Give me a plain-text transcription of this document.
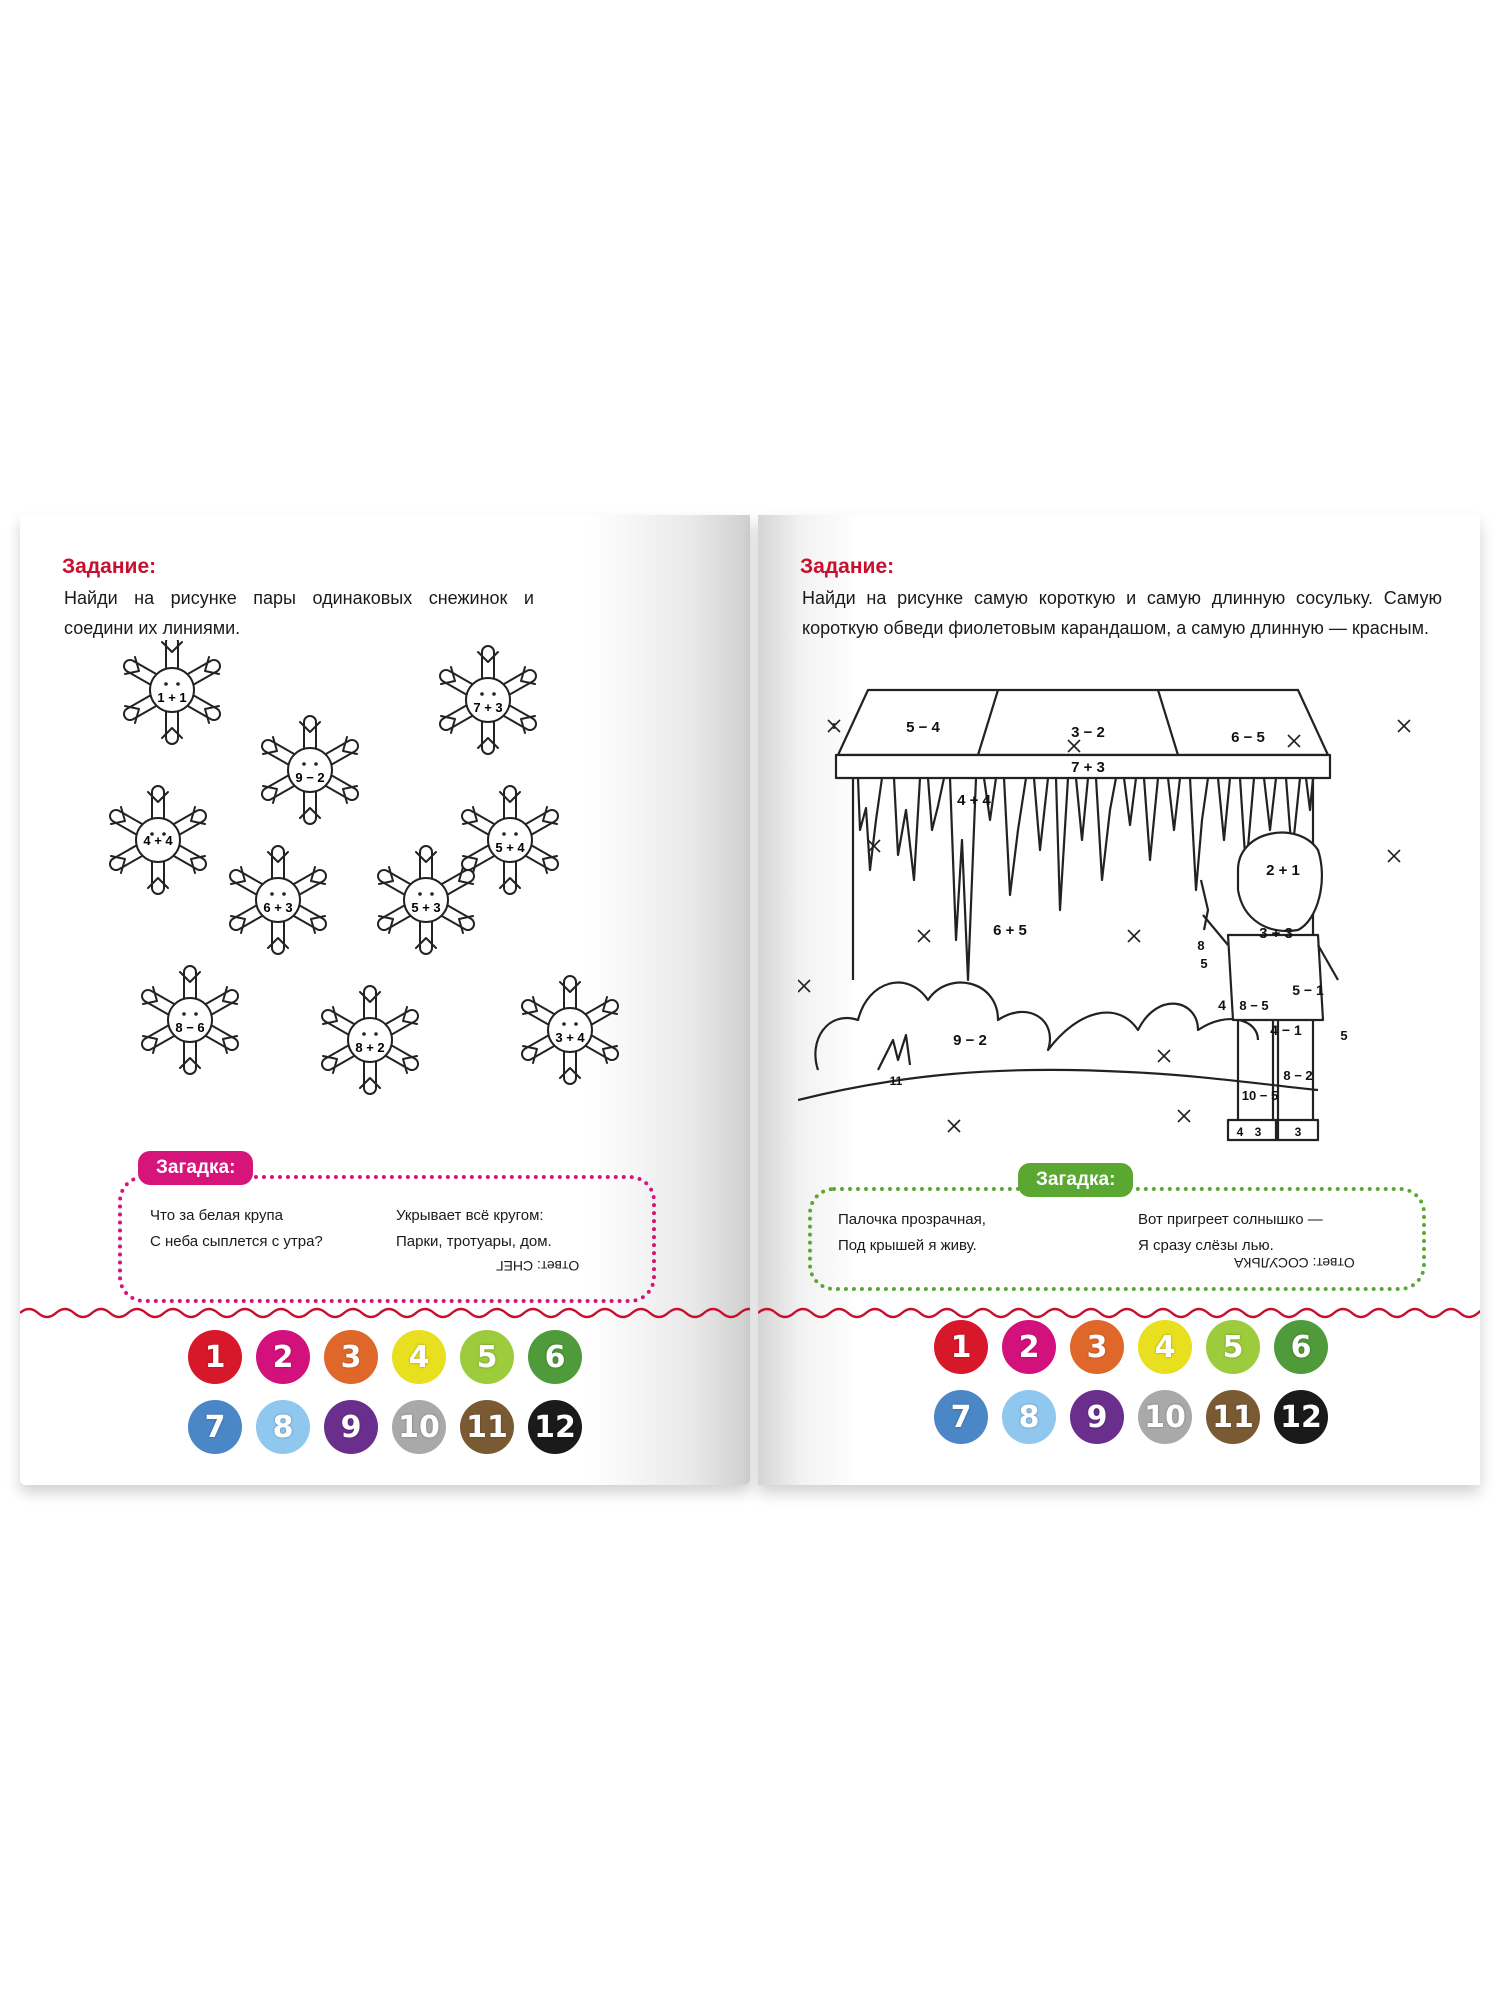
Задание:
Найди на рисунке пары одинаковых снежинок и соедини их линиями.
1 + 1
7 + 3
9 − 2
4 + 4	5 + 4
6 + 3	5 + 3
8 − 6
8 + 2
3 + 4
Загадка:
Что за белая крупа
С неба сыплется с утра?
Укрывает всё кругом:
Парки, тротуары, дом.
Ответ: СНЕГ
1	2	3	4	5	6
7	8	9	10 11 12
Задание:
Найди на рисунке самую короткую и самую длинную сосульку. Самую короткую обведи фиолетовым карандашом, а самую длинную — красным.
5 − 4	3 − 2	6 − 5
7 + 3
4 + 4
6 + 5
9 − 2
11
2 + 1
3 + 3
4
8
5
5 − 1
4 − 1
8 − 5
8 − 2
10 − 5
5
4 3	3
Загадка:
Палочка прозрачная,
Под крышей я живу.
Вот пригреет солнышко —
Я сразу слёзы лью.
Ответ: СОСУЛЬКА
1	2	3	4	5	6
7	8	9	10 11 12
